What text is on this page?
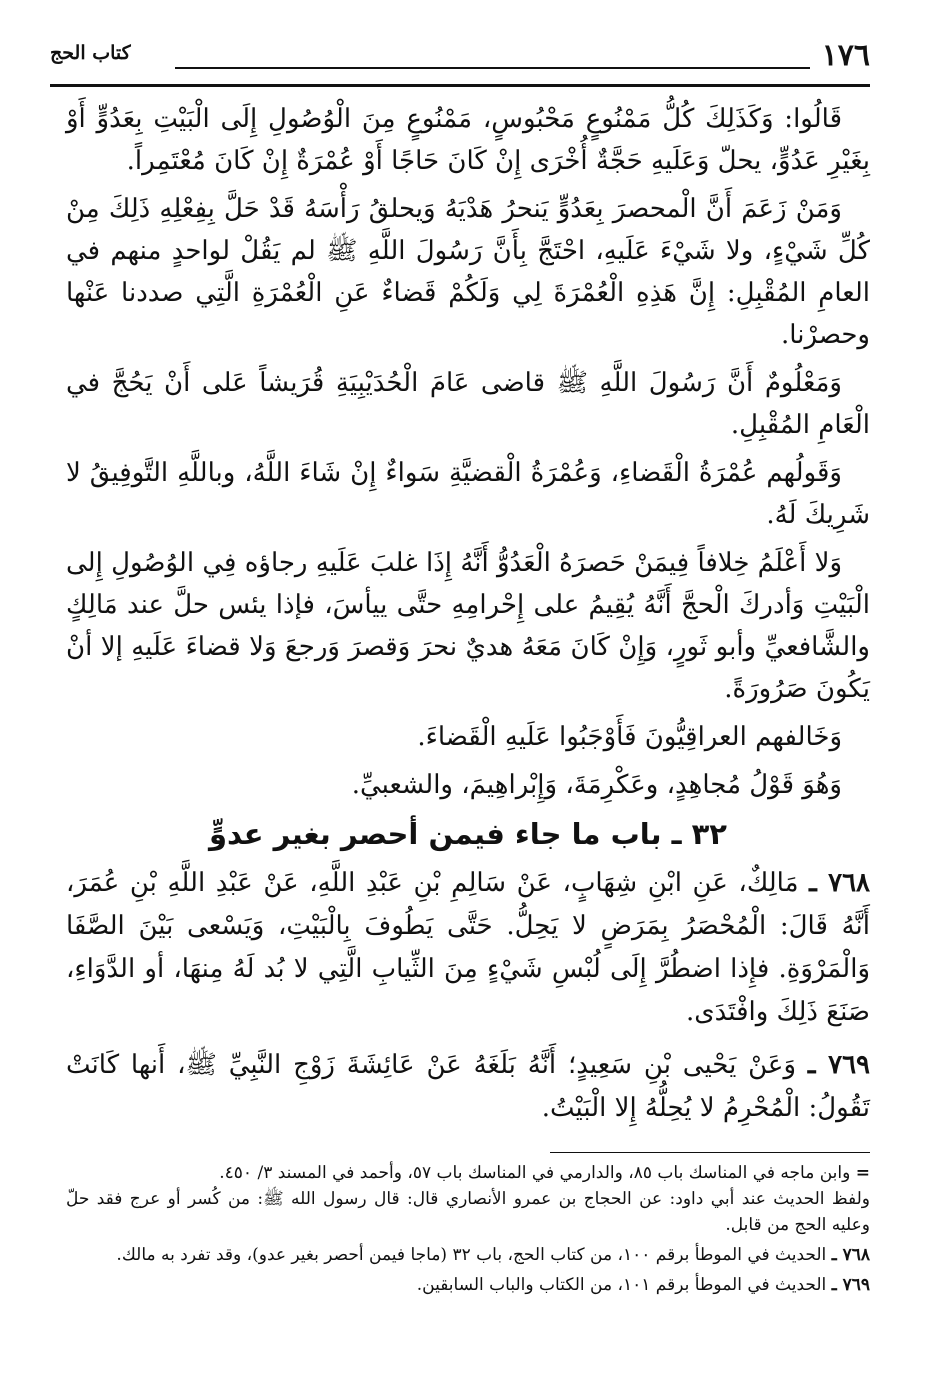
كتاب الحج	١٧٦

قَالُوا: وَكَذَلِكَ كُلُّ مَمْنُوعٍ مَحْبُوسٍ، مَمْنُوعٍ مِنَ الْوُصُولِ إِلَى الْبَيْتِ بِعَدُوٍّ أَوْ بِغَيْرِ عَدُوٍّ، يحلّ وَعَلَيهِ حَجَّةٌ أُخْرَى إِنْ كَانَ حَاجًا أَوْ عُمْرَةٌ إِنْ كَانَ مُعْتَمِراً.

وَمَنْ زَعَمَ أَنَّ الْمحصرَ بِعَدُوٍّ يَنحرُ هَدْيَهُ وَيحلقُ رَأْسَهُ قَدْ حَلَّ بِفِعْلِهِ ذَلِكَ مِنْ كُلِّ شَيْءٍ، ولا شَيْءَ عَلَيهِ، احْتَجَّ بِأَنَّ رَسُولَ اللَّهِ ﷺ لم يَقُلْ لواحدٍ منهم في العامِ المُقْبِلِ: إِنَّ هَذِهِ الْعُمْرَةَ لِي وَلَكُمْ قَضاءٌ عَنِ الْعُمْرَةِ الَّتِي صددنا عَنْها وحصرْنا.

وَمَعْلُومٌ أَنَّ رَسُولَ اللَّهِ ﷺ قاضى عَامَ الْحُدَيْبِيَةِ قُرَيشاً عَلى أَنْ يَحُجَّ في الْعَامِ المُقْبِلِ.

وَقَولُهم عُمْرَةُ الْقَضاءِ، وَعُمْرَةُ الْقضيَّةِ سَواءٌ إِنْ شَاءَ اللَّهُ، وباللَّهِ التَّوفِيقُ لا شَرِيكَ لَهُ.

وَلا أَعْلَمُ خِلافاً فِيمَنْ حَصرَهُ الْعَدُوُّ أَنَّهُ إِذَا غلبَ عَلَيهِ رجاؤه فِي الوُصُولِ إِلى الْبَيْتِ وَأدركَ الْحجَّ أَنَّهُ يُقِيمُ على إِحْرامِهِ حتَّى ييأسَ، فإذا يئس حلَّ عند مَالِكٍ والشَّافعيِّ وأبو ثَورٍ، وَإِنْ كَانَ مَعَهُ هديٌ نحرَ وَقصرَ وَرجعَ وَلا قضاءَ عَلَيهِ إلا أنْ يَكُونَ صَرُورَةً.

وَخَالفهم العراقِيُّونَ فَأَوْجَبُوا عَلَيهِ الْقَضاءَ.

وَهُوَ قَوْلُ مُجاهِدٍ، وعَكْرِمَةَ، وَإِبْراهِيمَ، والشعبيِّ.

٣٢ ـ باب ما جاء فيمن أحصر بغير عدوٍّ

٧٦٨ ـ مَالِكٌ، عَنِ ابْنِ شِهَابٍ، عَنْ سَالِمِ بْنِ عَبْدِ اللَّهِ، عَنْ عَبْدِ اللَّهِ بْنِ عُمَرَ، أَنَّهُ قَالَ: الْمُحْصَرُ بِمَرَضٍ لا يَحِلُّ. حَتَّى يَطُوفَ بِالْبَيْتِ، وَيَسْعى بَيْنَ الصَّفَا وَالْمَرْوَةِ. فإِذا اضطُرَّ إِلَى لُبْسِ شَيْءٍ مِنَ الثِّيابِ الَّتِي لا بُد لَهُ مِنهَا، أو الدَّوَاءِ، صَنَعَ ذَلِكَ وافْتَدَى.

٧٦٩ ـ وَعَنْ يَحْيى بْنِ سَعِيدٍ؛ أَنَّهُ بَلَغَهُ عَنْ عَائِشَةَ زَوْجِ النَّبِيِّ ﷺ، أَنها كَانَتْ تَقُولُ: الْمُحْرِمُ لا يُحِلُّهُ إِلا الْبَيْتُ.

= وابن ماجه في المناسك باب ٨٥، والدارمي في المناسك باب ٥٧، وأحمد في المسند ٣/ ٤٥٠.

ولفظ الحديث عند أبي داود: عن الحجاج بن عمرو الأنصاري قال: قال رسول الله ﷺ: من كُسر أو عرج فقد حلّ وعليه الحج من قابل.

٧٦٨ ـ الحديث في الموطأ برقم ١٠٠، من كتاب الحج، باب ٣٢ (ماجا فيمن أحصر بغير عدو)، وقد تفرد به مالك.

٧٦٩ ـ الحديث في الموطأ برقم ١٠١، من الكتاب والباب السابقين.
